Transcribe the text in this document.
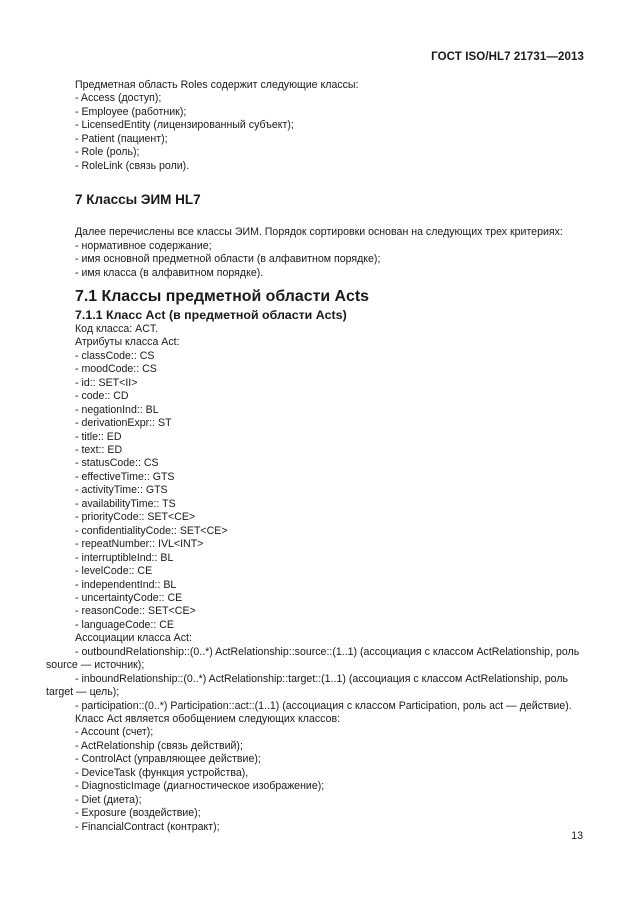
ГОСТ ISO/HL7 21731—2013

Предметная область Roles содержит следующие классы:

- Access (доступ);

- Employee (работник);

- LicensedEntity (лицензированный субъект);

- Patient (пациент);

- Role (роль);

- RoleLink (связь роли).

7 Классы ЭИМ HL7

Далее перечислены все классы ЭИМ. Порядок сортировки основан на следующих трех критериях:

- нормативное содержание;

- имя основной предметной области (в алфавитном порядке);

- имя класса (в алфавитном порядке).

7.1 Классы предметной области Acts
7.1.1 Класс Act (в предметной области Acts)

Код класса: ACT.

Атрибуты класса Act:

- classCode:: CS

- moodCode:: CS

- id:: SET<II>

- code:: CD

- negationInd:: BL

- derivationExpr:: ST

- title:: ED

- text:: ED

- statusCode:: CS

- effectiveTime:: GTS

- activityTime:: GTS

- availabilityTime:: TS

- priorityCode:: SET<CE>

- confidentialityCode:: SET<CE>

- repeatNumber:: IVL<INT>

- interruptibleInd:: BL

- levelCode:: CE

- independentInd:: BL

- uncertaintyCode:: CE

- reasonCode:: SET<CE>

- languageCode:: CE

Ассоциации класса Act:

- outboundRelationship::(0..*) ActRelationship::source::(1..1) (ассоциация с классом ActRelationship, роль

source — источник);

- inboundRelationship::(0..*) ActRelationship::target::(1..1) (ассоциация с классом ActRelationship, роль

target — цель);

- participation::(0..*) Participation::act::(1..1) (ассоциация с классом Participation, роль act — действие).

Класс Act является обобщением следующих классов:

- Account (счет);

- ActRelationship (связь действий);

- ControlAct (управляющее действие);

- DeviceTask (функция устройства),

- DiagnosticImage (диагностическое изображение);

- Diet (диета);

- Exposure (воздействие);

- FinancialContract (контракт);

13
